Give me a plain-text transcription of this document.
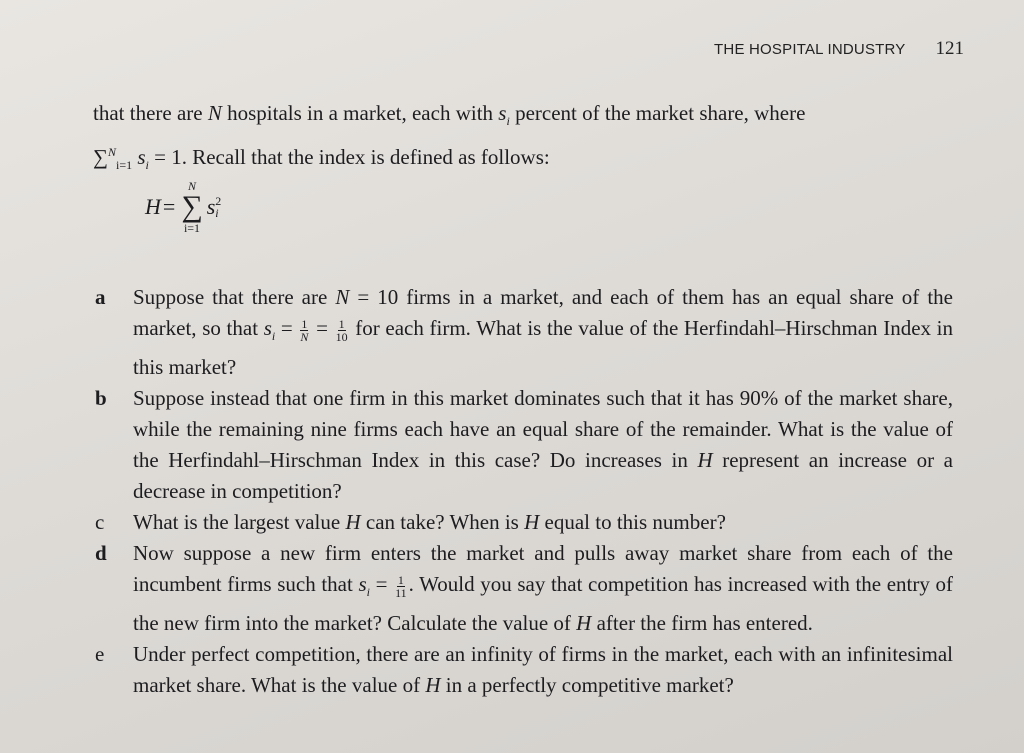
THE HOSPITAL INDUSTRY 121
that there are N hospitals in a market, each with $s_i$ percent of the market share, where
∑$^N_{i=1}$ $s_i = 1$. Recall that the index is defined as follows:
H =
N
∑
i=1
s 2
i
a	Suppose that there are N = 10 firms in a market, and each of them has an equal share of the market, so that $s_i = \frac{1}{N} = \frac{1}{10}$ for each firm. What is the value of the Herfindahl–Hirschman Index in this market?
b	Suppose instead that one firm in this market dominates such that it has 90% of the market share, while the remaining nine firms each have an equal share of the remainder. What is the value of the Herfindahl–Hirschman Index in this case? Do increases in H represent an increase or a decrease in competition?
c	What is the largest value H can take? When is H equal to this number?
d	Now suppose a new firm enters the market and pulls away market share from each of the incumbent firms such that $s_i = \frac{1}{11}$ . Would you say that competition has increased with the entry of the new firm into the market? Calculate the value of H after the firm has entered.
e	Under perfect competition, there are an infinity of firms in the market, each with an infinitesimal market share. What is the value of H in a perfectly competitive market?
